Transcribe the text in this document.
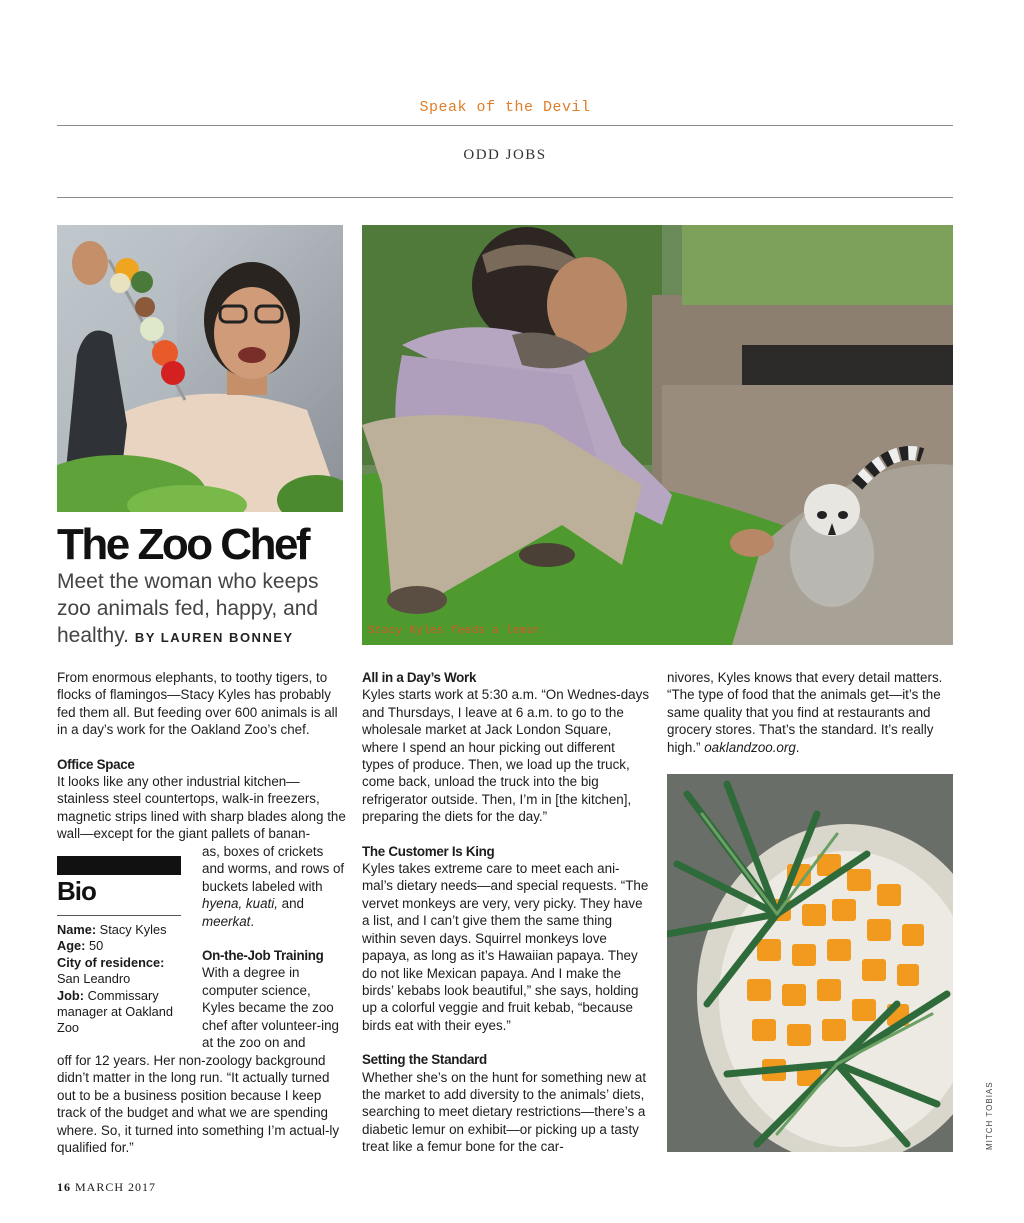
Speak of the Devil
ODD JOBS
Stacy Kyles feeds a lemur.
The Zoo Chef
Meet the woman who keeps zoo animals fed, happy, and healthy. BY LAUREN BONNEY

From enormous elephants, to toothy tigers, to flocks of flamingos—Stacy Kyles has probably fed them all. But feeding over 600 animals is all in a day’s work for the Oakland Zoo’s chef.

Office Space

It looks like any other industrial kitchen—stainless steel countertops, walk-in freezers, magnetic strips lined with sharp blades along the wall—except for the giant pallets of banan-

as, boxes of crickets and worms, and rows of buckets labeled with hyena, kuati, and meerkat.

On-the-Job Training

With a degree in computer science, Kyles became the zoo chef after volunteer-ing at the zoo on and

off for 12 years. Her non-zoology background didn’t matter in the long run. “It actually turned out to be a business position because I keep track of the budget and what we are spending where. So, it turned into something I’m actual-ly qualified for.”

Bio
Name: Stacy Kyles
Age: 50
City of residence:
San Leandro
Job: Commissary manager at Oakland Zoo

All in a Day’s Work

Kyles starts work at 5:30 a.m. “On Wednes-days and Thursdays, I leave at 6 a.m. to go to the wholesale market at Jack London Square, where I spend an hour picking out different types of produce. Then, we load up the truck, come back, unload the truck into the big refrigerator outside. Then, I’m in [the kitchen], preparing the diets for the day.”

The Customer Is King

Kyles takes extreme care to meet each ani-mal’s dietary needs—and special requests. “The vervet monkeys are very, very picky. They have a list, and I can’t give them the same thing within seven days. Squirrel monkeys love papaya, as long as it’s Hawaiian papaya. They do not like Mexican papaya. And I make the birds’ kebabs look beautiful,” she says, holding up a colorful veggie and fruit kebab, “because birds eat with their eyes.”

Setting the Standard

Whether she’s on the hunt for something new at the market to add diversity to the animals’ diets, searching to meet dietary restrictions—there’s a diabetic lemur on exhibit—or picking up a tasty treat like a femur bone for the car-

nivores, Kyles knows that every detail matters. “The type of food that the animals get—it’s the same quality that you find at restaurants and grocery stores. That’s the standard. It’s really high.” oaklandzoo.org.

MITCH TOBIAS
16 MARCH 2017
